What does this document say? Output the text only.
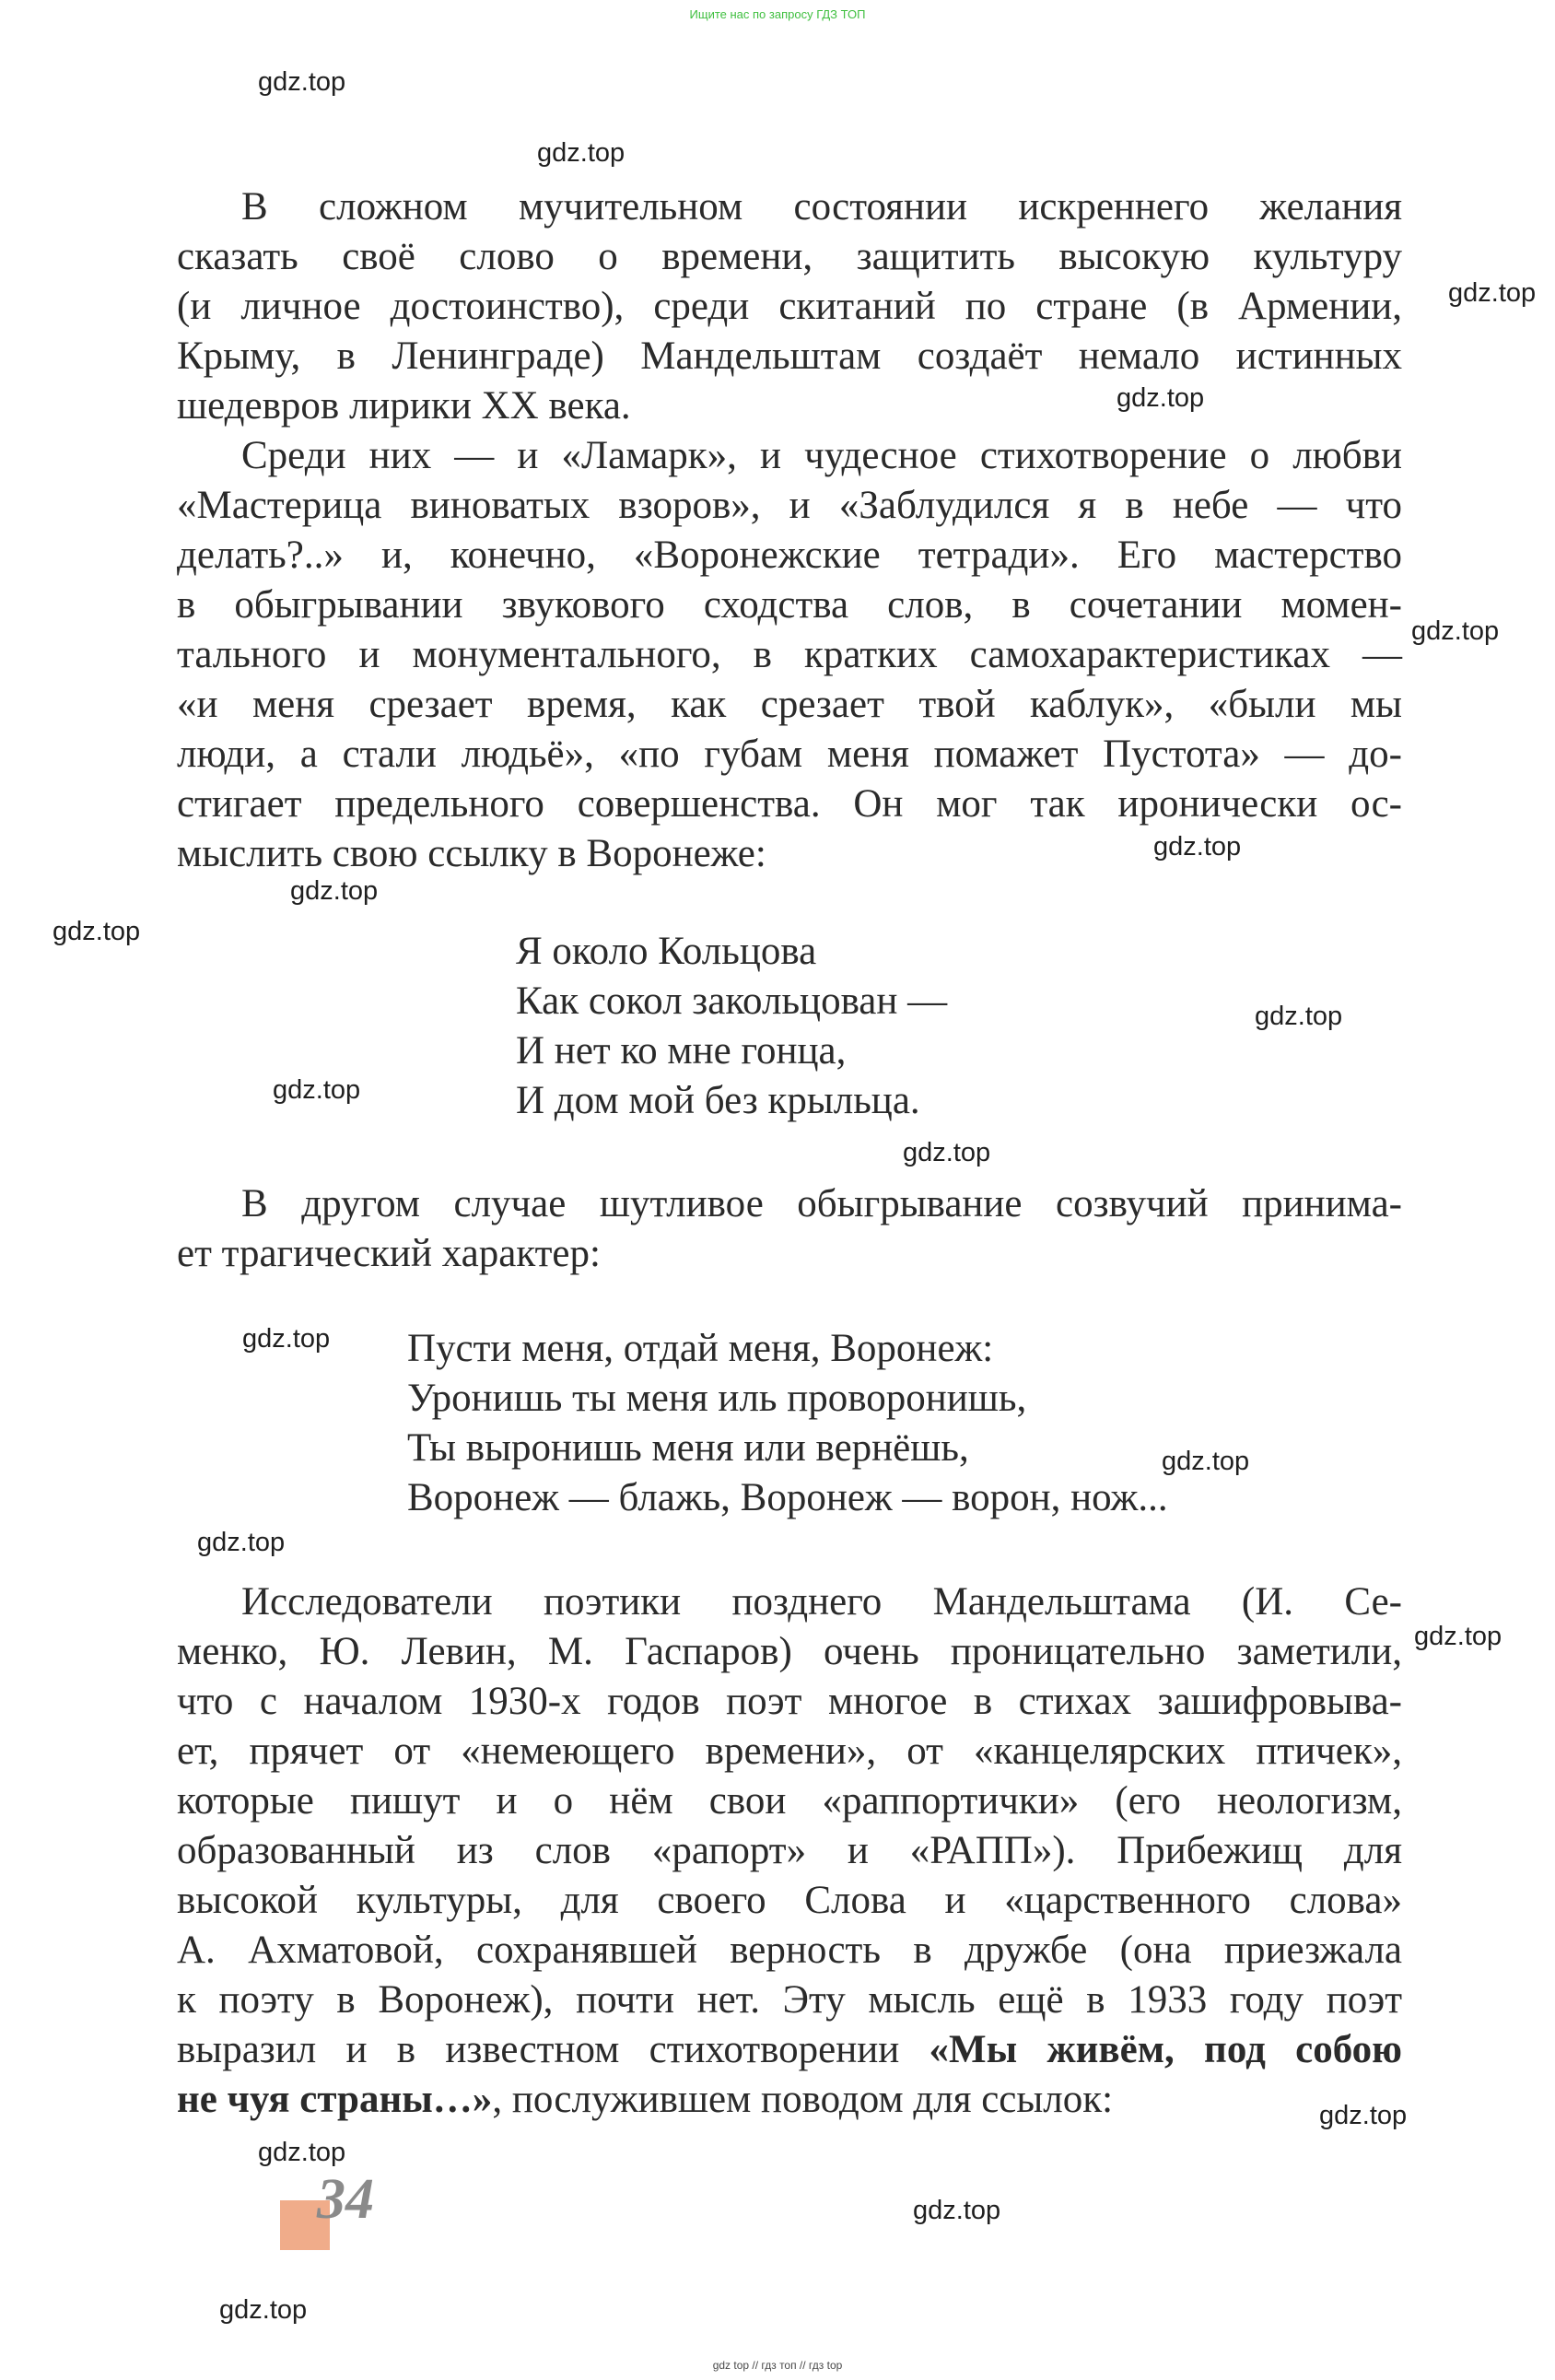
Ищите нас по запросу ГДЗ ТОП
gdz.top
gdz.top
gdz.top
gdz.top
gdz.top
gdz.top
gdz.top
gdz.top
gdz.top
gdz.top
gdz.top
gdz.top
gdz.top
gdz.top
gdz.top
gdz.top
gdz.top
gdz.top
gdz.top
В сложном мучительном состоянии искреннего желания
сказать своё слово о времени, защитить высокую культуру
(и личное достоинство), среди скитаний по стране (в Армении,
Крыму, в Ленинграде) Мандельштам создаёт немало истинных
шедевров лирики XX века.
Среди них — и «Ламарк», и чудесное стихотворение о любви
«Мастерица виноватых взоров», и «Заблудился я в небе — что
делать?..» и, конечно, «Воронежские тетради». Его мастерство
в обыгрывании звукового сходства слов, в сочетании момен-
тального и монументального, в кратких самохарактеристиках —
«и меня срезает время, как срезает твой каблук», «были мы
люди, а стали людьё», «по губам меня помажет Пустота» — до-
стигает предельного совершенства. Он мог так иронически ос-
мыслить свою ссылку в Воронеже:
Я около Кольцова
Как сокол закольцован —
И нет ко мне гонца,
И дом мой без крыльца.
В другом случае шутливое обыгрывание созвучий принима-
ет трагический характер:
Пусти меня, отдай меня, Воронеж:
Уронишь ты меня иль проворонишь,
Ты выронишь меня или вернёшь,
Воронеж — блажь, Воронеж — ворон, нож...
Исследователи поэтики позднего Мандельштама (И. Се-
менко, Ю. Левин, М. Гаспаров) очень проницательно заметили,
что с началом 1930-х годов поэт многое в стихах зашифровыва-
ет, прячет от «немеющего времени», от «канцелярских птичек»,
которые пишут и о нём свои «раппортички» (его неологизм,
образованный из слов «рапорт» и «РАПП»). Прибежищ для
высокой культуры, для своего Слова и «царственного слова»
А. Ахматовой, сохранявшей верность в дружбе (она приезжала
к поэту в Воронеж), почти нет. Эту мысль ещё в 1933 году поэт
выразил и в известном стихотворении «Мы живём, под собою
не чуя страны…», послужившем поводом для ссылок:
34
gdz top // гдз топ // гдз top
